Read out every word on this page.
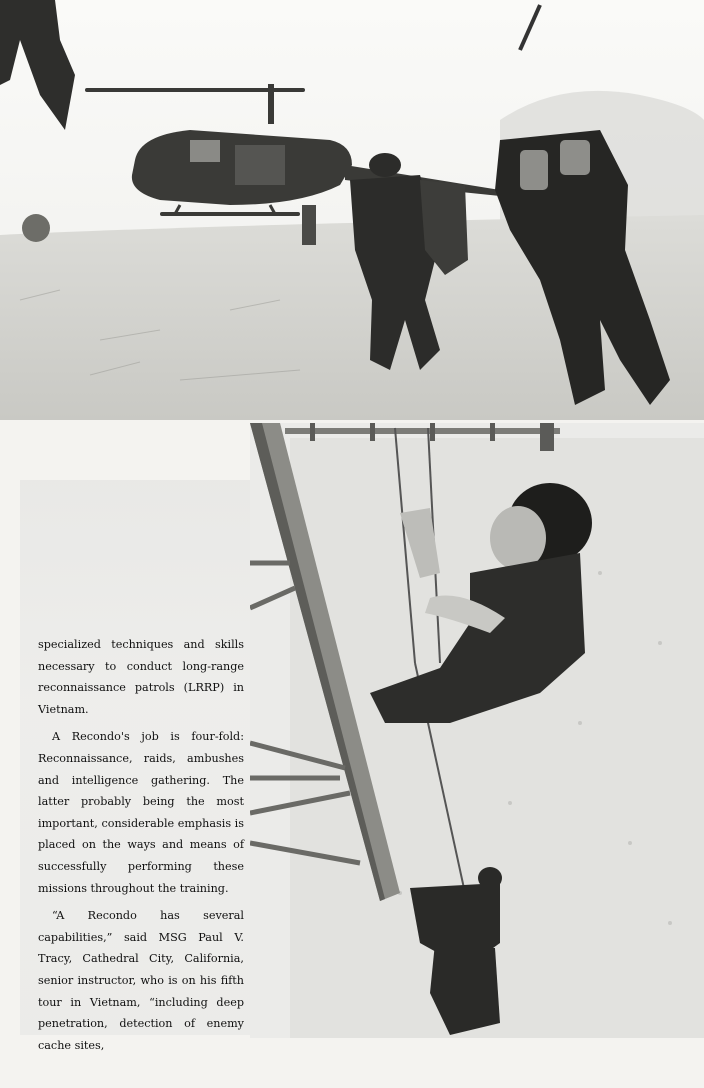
specialized techniques and skills necessary to conduct long-range reconnaissance patrols (LRRP) in Vietnam.

A Recondo's job is four-fold: Reconnaissance, raids, ambushes and intelligence gathering. The latter probably being the most important, considerable emphasis is placed on the ways and means of successfully performing these missions throughout the training.

“A Recondo has several capabilities,” said MSG Paul V. Tracy, Cathedral City, California, senior instructor, who is on his fifth tour in Vietnam, “including deep penetration, detection of enemy cache sites,
